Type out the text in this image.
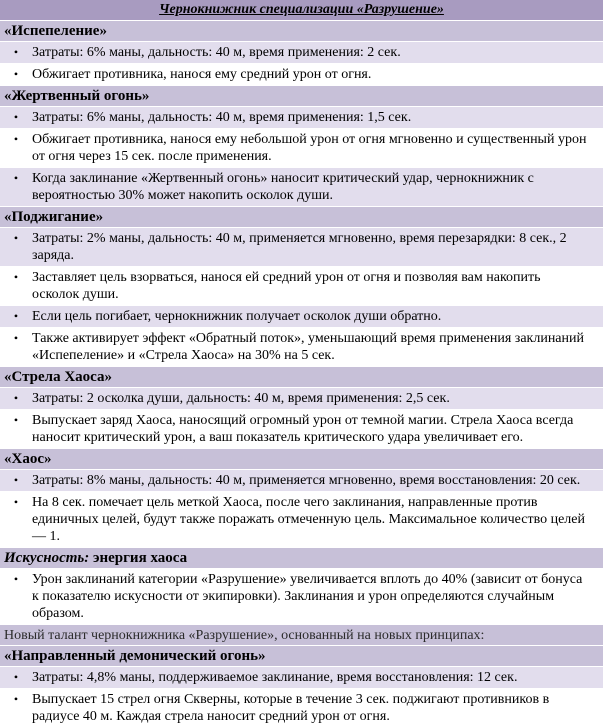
Чернокнижник специализации «Разрушение»
«Испепеление»
• Затраты: 6% маны, дальность: 40 м, время применения: 2 сек.
• Обжигает противника, нанося ему средний урон от огня.
«Жертвенный огонь»
• Затраты: 6% маны, дальность: 40 м, время применения: 1,5 сек.
• Обжигает противника, нанося ему небольшой урон от огня мгновенно и существенный урон от огня через 15 сек. после применения.
• Когда заклинание «Жертвенный огонь» наносит критический удар, чернокнижник с вероятностью 30% может накопить осколок души.
«Поджигание»
• Затраты: 2% маны, дальность: 40 м, применяется мгновенно, время перезарядки: 8 сек., 2 заряда.
• Заставляет цель взорваться, нанося ей средний урон от огня и позволяя вам накопить осколок души.
• Если цель погибает, чернокнижник получает осколок души обратно.
• Также активирует эффект «Обратный поток», уменьшающий время применения заклинаний «Испепеление» и «Стрела Хаоса» на 30% на 5 сек.
«Стрела Хаоса»
• Затраты: 2 осколка души, дальность: 40 м, время применения: 2,5 сек.
• Выпускает заряд Хаоса, наносящий огромный урон от темной магии. Стрела Хаоса всегда наносит критический урон, а ваш показатель критического удара увеличивает его.
«Хаос»
• Затраты: 8% маны, дальность: 40 м, применяется мгновенно, время восстановления: 20 сек.
• На 8 сек. помечает цель меткой Хаоса, после чего заклинания, направленные против единичных целей, будут также поражать отмеченную цель. Максимальное количество целей — 1.
Искусность: энергия хаоса
• Урон заклинаний категории «Разрушение» увеличивается вплоть до 40% (зависит от бонуса к показателю искусности от экипировки). Заклинания и урон определяются случайным образом.
Новый талант чернокнижника «Разрушение», основанный на новых принципах:
«Направленный демонический огонь»
• Затраты: 4,8% маны, поддерживаемое заклинание, время восстановления: 12 сек.
• Выпускает 15 стрел огня Скверны, которые в течение 3 сек. поджигают противников в радиусе 40 м. Каждая стрела наносит средний урон от огня.
